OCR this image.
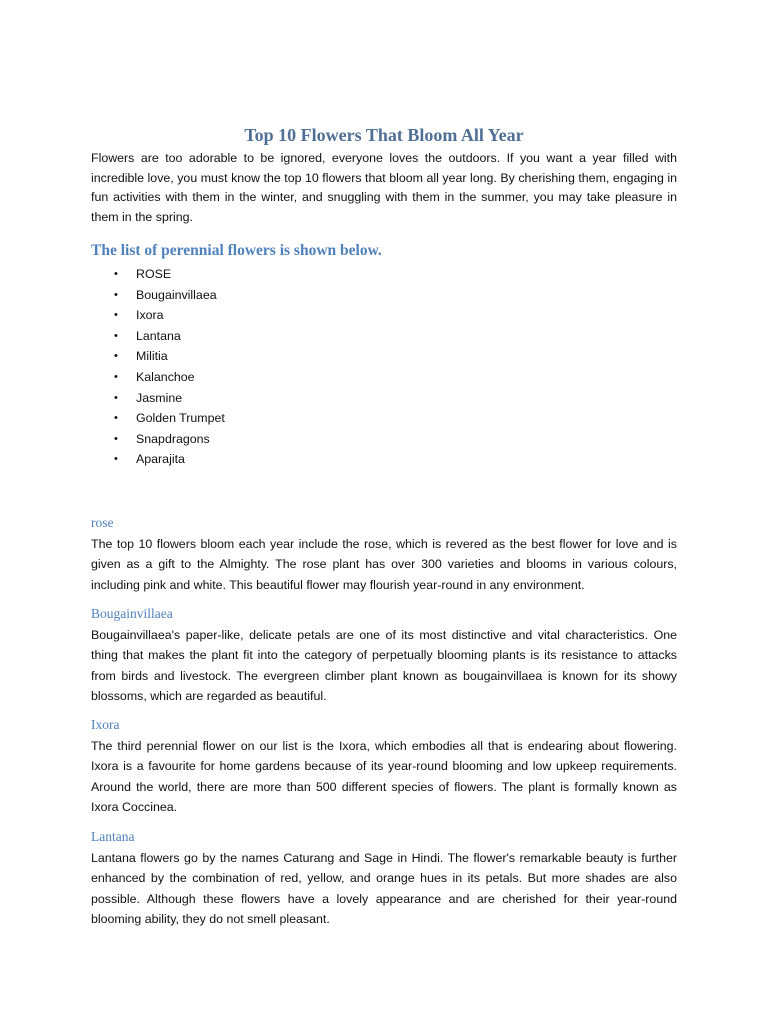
Top 10 Flowers That Bloom All Year

Flowers are too adorable to be ignored, everyone loves the outdoors. If you want a year filled with incredible love, you must know the top 10 flowers that bloom all year long. By cherishing them, engaging in fun activities with them in the winter, and snuggling with them in the summer, you may take pleasure in them in the spring.

The list of perennial flowers is shown below.
• ROSE
• Bougainvillaea
• Ixora
• Lantana
• Militia
• Kalanchoe
• Jasmine
• Golden Trumpet
• Snapdragons
• Aparajita
rose

The top 10 flowers bloom each year include the rose, which is revered as the best flower for love and is given as a gift to the Almighty. The rose plant has over 300 varieties and blooms in various colours, including pink and white. This beautiful flower may flourish year-round in any environment.

Bougainvillaea

Bougainvillaea's paper-like, delicate petals are one of its most distinctive and vital characteristics. One thing that makes the plant fit into the category of perpetually blooming plants is its resistance to attacks from birds and livestock. The evergreen climber plant known as bougainvillaea is known for its showy blossoms, which are regarded as beautiful.

Ixora

The third perennial flower on our list is the Ixora, which embodies all that is endearing about flowering. Ixora is a favourite for home gardens because of its year-round blooming and low upkeep requirements. Around the world, there are more than 500 different species of flowers. The plant is formally known as Ixora Coccinea.

Lantana

Lantana flowers go by the names Caturang and Sage in Hindi. The flower's remarkable beauty is further enhanced by the combination of red, yellow, and orange hues in its petals. But more shades are also possible. Although these flowers have a lovely appearance and are cherished for their year-round blooming ability, they do not smell pleasant.
